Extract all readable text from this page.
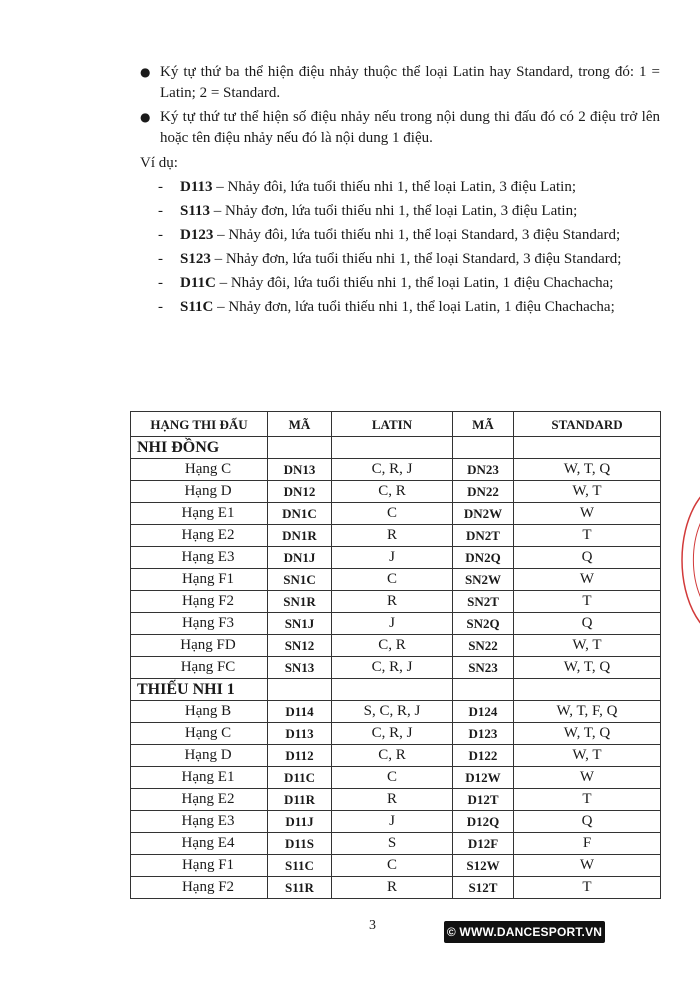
● Ký tự thứ ba thể hiện điệu nhảy thuộc thể loại Latin hay Standard, trong đó: 1 = Latin; 2 = Standard.
● Ký tự thứ tư thể hiện số điệu nhảy nếu trong nội dung thi đấu đó có 2 điệu trở lên hoặc tên điệu nhảy nếu đó là nội dung 1 điệu.
Ví dụ:
-	D113 – Nhảy đôi, lứa tuổi thiếu nhi 1, thể loại Latin, 3 điệu Latin;
-	S113 – Nhảy đơn, lứa tuổi thiếu nhi 1, thể loại Latin, 3 điệu Latin;
-	D123 – Nhảy đôi, lứa tuổi thiếu nhi 1, thể loại Standard, 3 điệu Standard;
-	S123 – Nhảy đơn, lứa tuổi thiếu nhi 1, thể loại Standard, 3 điệu Standard;
-	D11C – Nhảy đôi, lứa tuổi thiếu nhi 1, thể loại Latin, 1 điệu Chachacha;
-	S11C – Nhảy đơn, lứa tuổi thiếu nhi 1, thể loại Latin, 1 điệu Chachacha;
HẠNG THI ĐẤU	MÃ	LATIN	MÃ	STANDARD
NHI ĐỒNG				
Hạng C	DN13	C, R, J	DN23	W, T, Q
Hạng D	DN12	C, R	DN22	W, T
Hạng E1	DN1C	C	DN2W	W
Hạng E2	DN1R	R	DN2T	T
Hạng E3	DN1J	J	DN2Q	Q
Hạng F1	SN1C	C	SN2W	W
Hạng F2	SN1R	R	SN2T	T
Hạng F3	SN1J	J	SN2Q	Q
Hạng FD	SN12	C, R	SN22	W, T
Hạng FC	SN13	C, R, J	SN23	W, T, Q
THIẾU NHI 1				
Hạng B	D114	S, C, R, J	D124	W, T, F, Q
Hạng C	D113	C, R, J	D123	W, T, Q
Hạng D	D112	C, R	D122	W, T
Hạng E1	D11C	C	D12W	W
Hạng E2	D11R	R	D12T	T
Hạng E3	D11J	J	D12Q	Q
Hạng E4	D11S	S	D12F	F
Hạng F1	S11C	C	S12W	W
Hạng F2	S11R	R	S12T	T
3	© WWW.DANCESPORT.VN
